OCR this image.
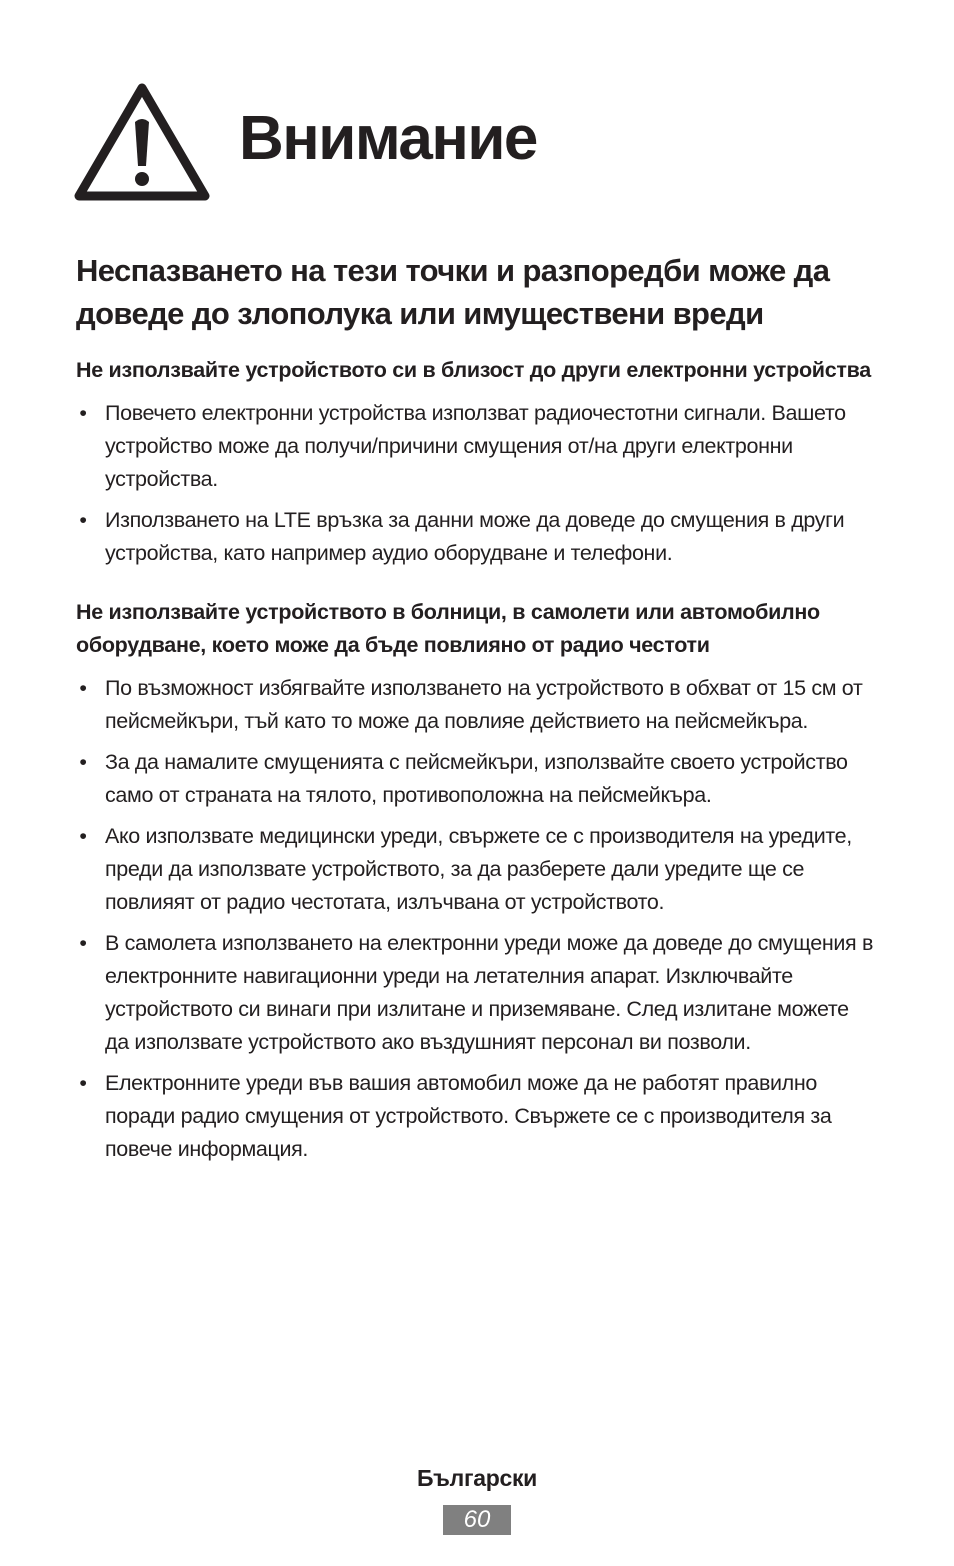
Внимание
Неспазването на тези точки и разпоредби може да доведе до злополука или имуществени вреди

Не използвайте устройството си в близост до други електронни устройства

• Повечето електронни устройства използват радиочестотни сигнали. Вашето устройство може да получи/причини смущения от/на други електронни устройства.
• Използването на LTE връзка за данни може да доведе до смущения в други устройства, като например аудио оборудване и телефони.

Не използвайте устройството в болници, в самолети или автомобилно оборудване, което може да бъде повлияно от радио честоти

• По възможност избягвайте използването на устройството в обхват от 15 см от пейсмейкъри, тъй като то може да повлияе действието на пейсмейкъра.
• За да намалите смущенията с пейсмейкъри, използвайте своето устройство само от страната на тялото, противоположна на пейсмейкъра.
• Ако използвате медицински уреди, свържете се с производителя на уредите, преди да използвате устройството, за да разберете дали уредите ще се повлияят от радио честотата, излъчвана от устройството.
• В самолета използването на електронни уреди може да доведе до смущения в електронните навигационни уреди на летателния апарат. Изключвайте устройството си винаги при излитане и приземяване. След излитане можете да използвате устройството ако въздушният персонал ви позволи.
• Електронните уреди във вашия автомобил може да не работят правилно поради радио смущения от устройството. Свържете се с производителя за повече информация.
Български
60
